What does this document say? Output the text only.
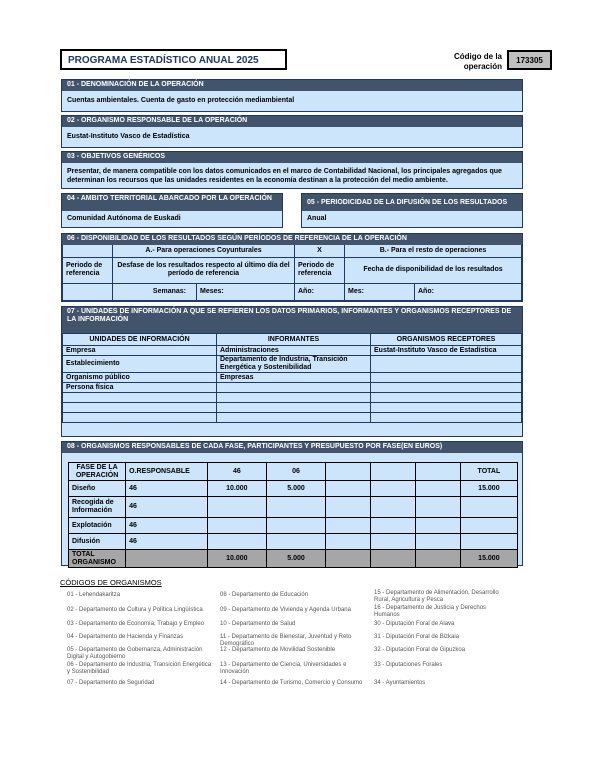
PROGRAMA ESTADÍSTICO ANUAL 2025	Código de la
operación
173305
01 - DENOMINACIÓN DE LA OPERACIÓN
Cuentas ambientales. Cuenta de gasto en protección mediambiental
02 - ORGANISMO RESPONSABLE DE LA OPERACIÓN
Eustat-Instituto Vasco de Estadística
03 - OBJETIVOS GENÉRICOS
Presentar, de manera compatible con los datos comunicados en el marco de Contabilidad Nacional, los principales agregados que determinan los recursos que las unidades residentes en la economía destinan a la protección del medio ambiente.
04 - AMBITO TERRITORIAL ABARCADO POR LA OPERACIÓN
Comunidad Autónoma de Euskadi
05 - PERIODICIDAD DE LA DIFUSIÓN DE LOS RESULTADOS
Anual
06 - DISPONIBILIDAD DE LOS RESULTADOS SEGÚN PERÍODOS DE REFERENCIA DE LA OPERACIÓN
	A.- Para operaciones Coyunturales		X	B.- Para el resto de operaciones	
Periodo de referencia	Desfase de los resultados respecto al último día del período de referencia		Periodo de referencia	Fecha de disponibilidad de los resultados	
	Semanas:	Meses:	Año:	Mes:	Año:
07 - UNIDADES DE INFORMACIÓN A QUE SE REFIEREN LOS DATOS PRIMARIOS, INFORMANTES Y ORGANISMOS RECEPTORES DE LA INFORMACIÓN
UNIDADES DE INFORMACIÓN	INFORMANTES	ORGANISMOS RECEPTORES
Empresa	Administraciones	Eustat-Instituto Vasco de Estadística
Establecimiento	Departamento de Industria, Transición Energética y Sostenibilidad	
Organismo público	Empresas	
Persona física		

08 - ORGANISMOS RESPONSABLES DE CADA FASE, PARTICIPANTES Y PRESUPUESTO POR FASE(EN EUROS)
FASE DE LA OPERACIÓN	O.RESPONSABLE	46	06				TOTAL
Diseño	46	10.000	5.000				15.000
Recogida de Información	46						
Explotación	46						
Difusión	46						
TOTAL ORGANISMO		10.000	5.000				15.000
CÓDIGOS DE ORGANISMOS
01 - Lehendakaritza
02 - Departamento de Cultura y Política Lingüística
03 - Departamento de Economía, Trabajo y Empleo
04 - Departamento de Hacienda y Finanzas
05 - Departamento de Gobernanza, Administración Digital y Autogobierno
06 - Departamento de Industria, Transición Energética y Sostenibilidad
07 - Departamento de Seguridad
08 - Departamento de Educación
09 - Departamento de Vivienda y Agenda Urbana
10 - Departamento de Salud
11 - Departamento de Bienestar, Juventud y Reto Demográfico
12 - Departamento de Movilidad Sostenible
13 - Departamento de Ciencia, Universidades e Innovación
14 - Departamento de Turismo, Comercio y Consumo
15 - Departamento de Alimentación, Desarrollo Rural, Agricultura y Pesca
16 - Departamento de Justicia y Derechos Humanos
30 - Diputación Foral de Alava
31 - Diputación Foral de Bizkaia
32 - Diputación Foral de Gipuzkoa
33 - Diputaciones Forales
34 - Ayuntamientos
